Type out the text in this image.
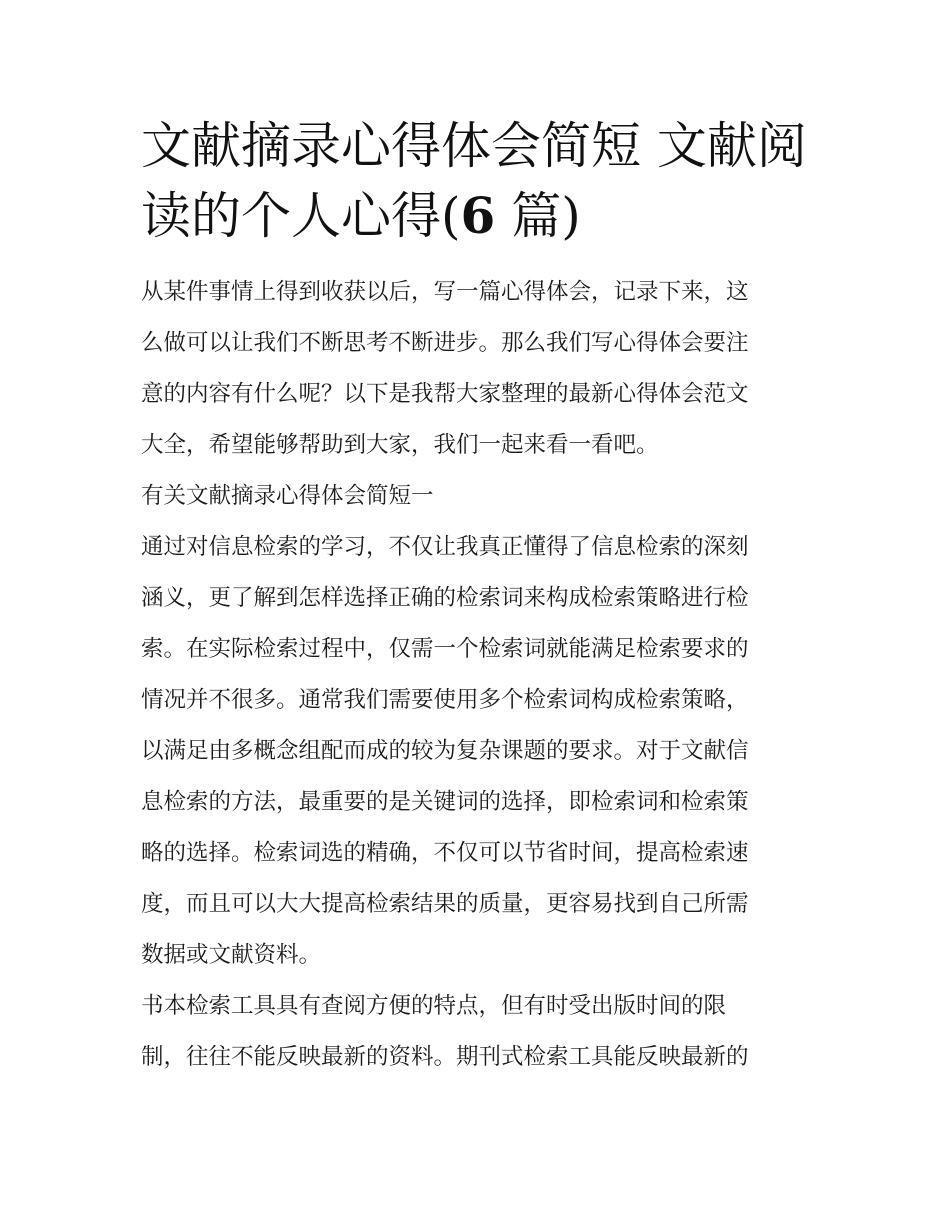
文献摘录心得体会简短 文献阅
读的个人心得(6 篇)

从某件事情上得到收获以后，写一篇心得体会，记录下来，这
么做可以让我们不断思考不断进步。那么我们写心得体会要注
意的内容有什么呢？以下是我帮大家整理的最新心得体会范文
大全，希望能够帮助到大家，我们一起来看一看吧。

有关文献摘录心得体会简短一

通过对信息检索的学习，不仅让我真正懂得了信息检索的深刻
涵义，更了解到怎样选择正确的检索词来构成检索策略进行检
索。在实际检索过程中，仅需一个检索词就能满足检索要求的
情况并不很多。通常我们需要使用多个检索词构成检索策略，
以满足由多概念组配而成的较为复杂课题的要求。对于文献信
息检索的方法，最重要的是关键词的选择，即检索词和检索策
略的选择。检索词选的精确，不仅可以节省时间，提高检索速
度，而且可以大大提高检索结果的质量，更容易找到自己所需
数据或文献资料。

书本检索工具具有查阅方便的特点，但有时受出版时间的限
制，往往不能反映最新的资料。期刊式检索工具能反映最新的
